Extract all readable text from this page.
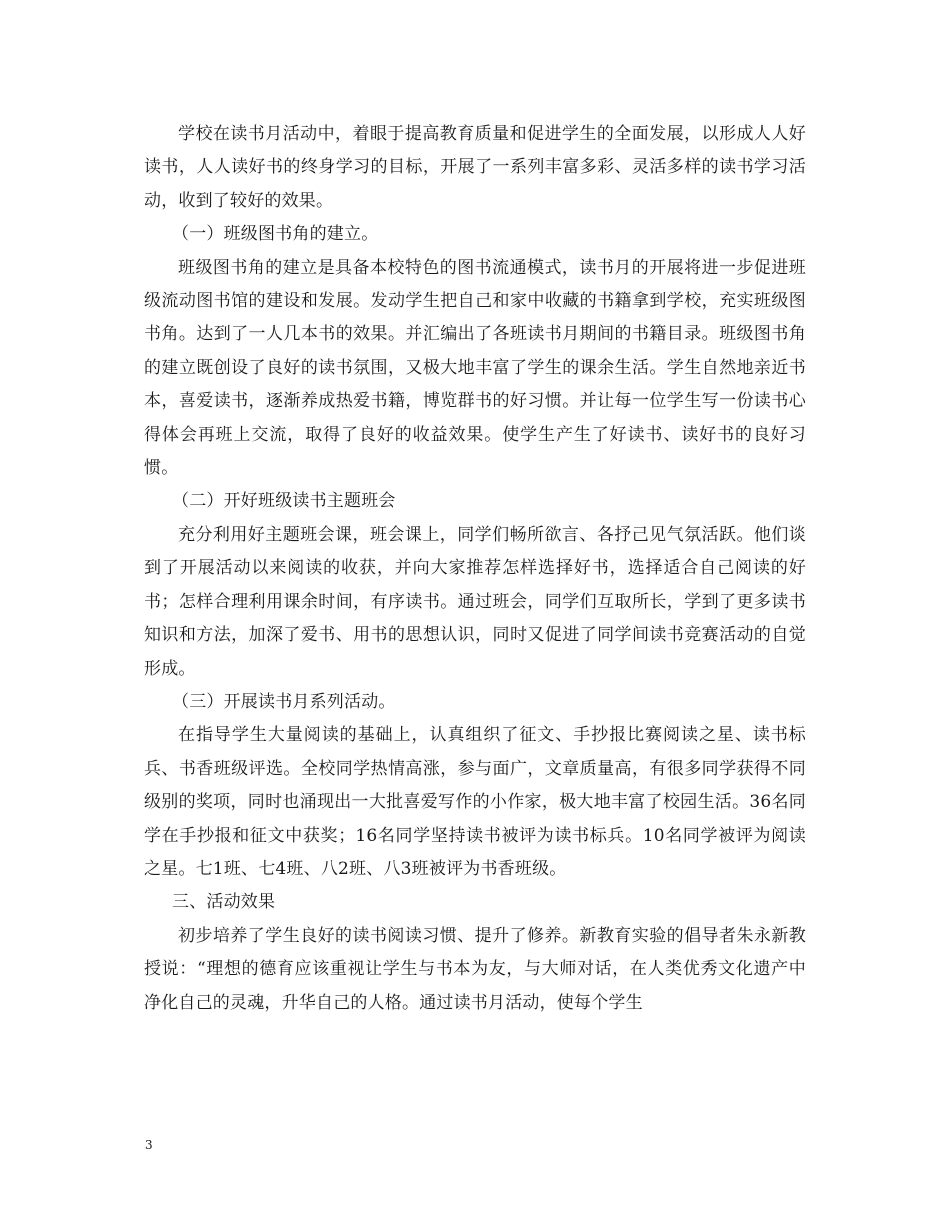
学校在读书月活动中，着眼于提高教育质量和促进学生的全面发展，以形成人人好读书，人人读好书的终身学习的目标，开展了一系列丰富多彩、灵活多样的读书学习活动，收到了较好的效果。

（一）班级图书角的建立。

班级图书角的建立是具备本校特色的图书流通模式，读书月的开展将进一步促进班级流动图书馆的建设和发展。发动学生把自己和家中收藏的书籍拿到学校，充实班级图书角。达到了一人几本书的效果。并汇编出了各班读书月期间的书籍目录。班级图书角的建立既创设了良好的读书氛围，又极大地丰富了学生的课余生活。学生自然地亲近书本，喜爱读书，逐渐养成热爱书籍，博览群书的好习惯。并让每一位学生写一份读书心得体会再班上交流，取得了良好的收益效果。使学生产生了好读书、读好书的良好习惯。

（二）开好班级读书主题班会

充分利用好主题班会课，班会课上，同学们畅所欲言、各抒己见气氛活跃。他们谈到了开展活动以来阅读的收获，并向大家推荐怎样选择好书，选择适合自己阅读的好书；怎样合理利用课余时间，有序读书。通过班会，同学们互取所长，学到了更多读书知识和方法，加深了爱书、用书的思想认识，同时又促进了同学间读书竞赛活动的自觉形成。

（三）开展读书月系列活动。

在指导学生大量阅读的基础上，认真组织了征文、手抄报比赛阅读之星、读书标兵、书香班级评选。全校同学热情高涨，参与面广，文章质量高，有很多同学获得不同级别的奖项，同时也涌现出一大批喜爱写作的小作家，极大地丰富了校园生活。36名同学在手抄报和征文中获奖；16名同学坚持读书被评为读书标兵。10名同学被评为阅读之星。七1班、七4班、八2班、八3班被评为书香班级。

三、活动效果

初步培养了学生良好的读书阅读习惯、提升了修养。新教育实验的倡导者朱永新教授说：“理想的德育应该重视让学生与书本为友，与大师对话，在人类优秀文化遗产中净化自己的灵魂，升华自己的人格。通过读书月活动，使每个学生

3
